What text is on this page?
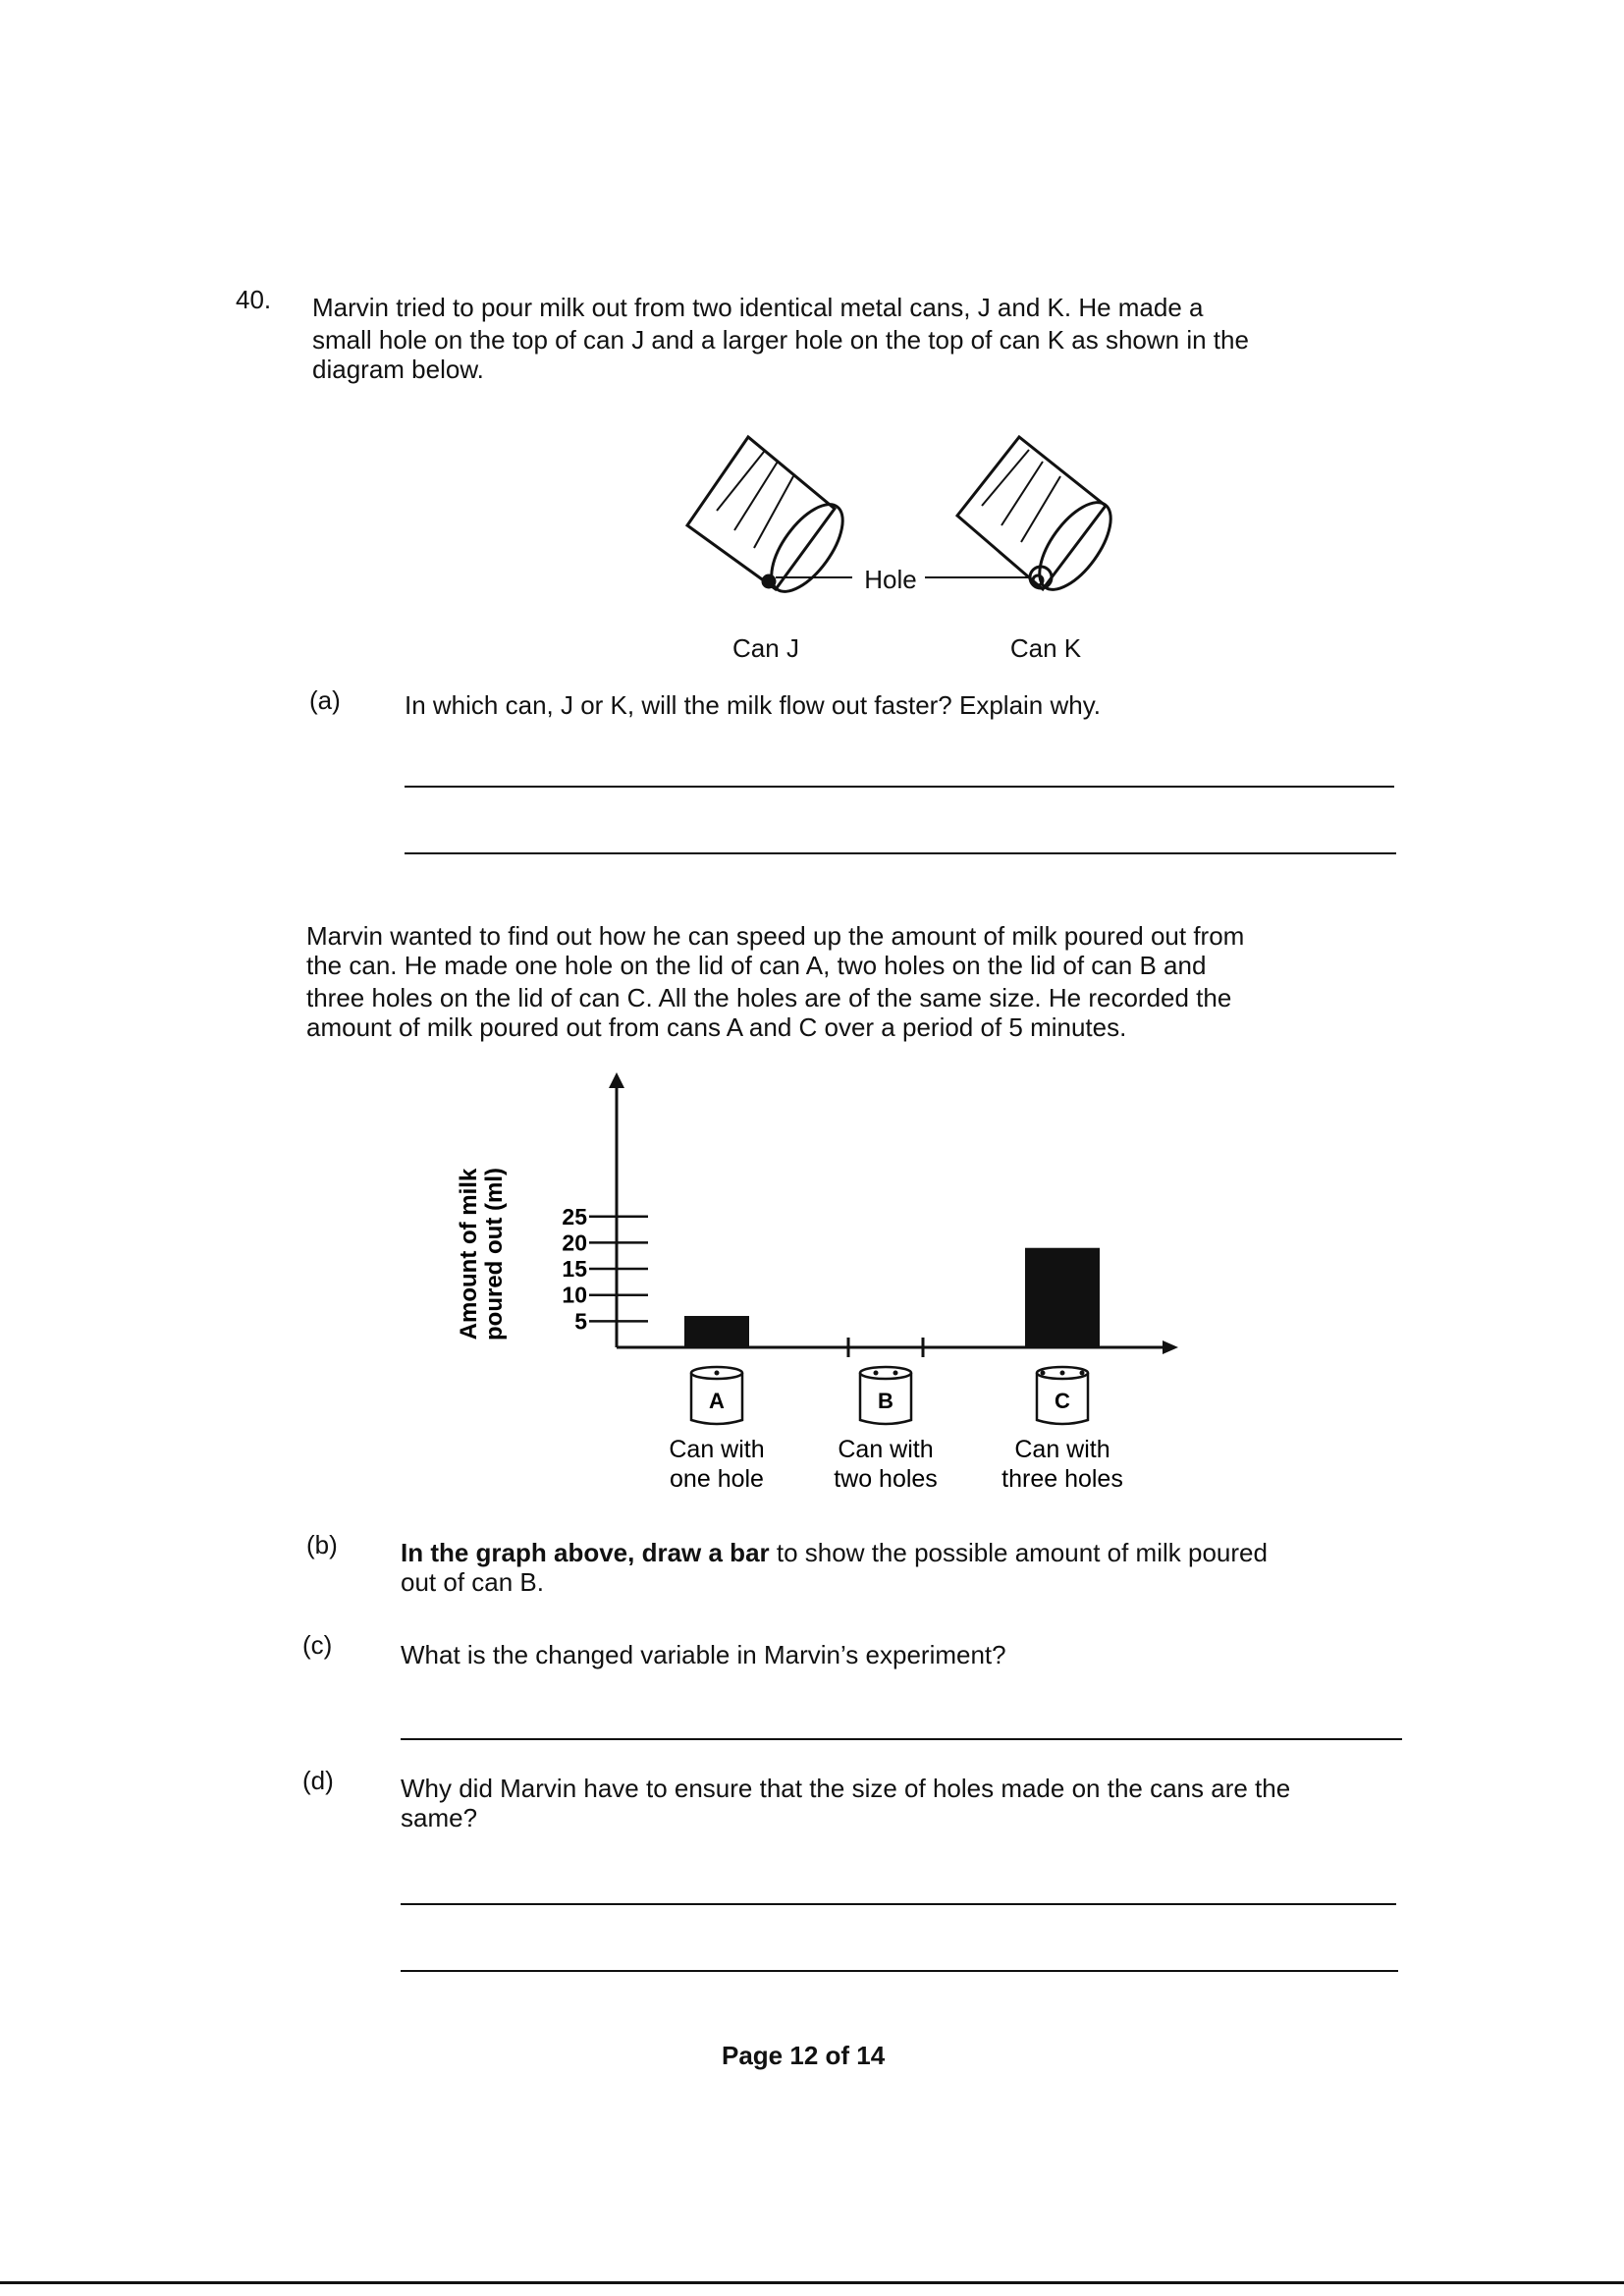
40. Marvin tried to pour milk out from two identical metal cans, J and K. He made a
small hole on the top of can J and a larger hole on the top of can K as shown in the
diagram below.
Hole
Can J	Can K
(a)	In which can, J or K, will the milk flow out faster? Explain why.
Marvin wanted to find out how he can speed up the amount of milk poured out from
the can. He made one hole on the lid of can A, two holes on the lid of can B and
three holes on the lid of can C. All the holes are of the same size. He recorded the
amount of milk poured out from cans A and C over a period of 5 minutes.
Amount of milkpoured out (ml)	5
10
15
20
25
A
Can with
one hole
B
Can with
two holes
C
Can with
three holes
(b) In the graph above, draw a bar to show the possible amount of milk poured
out of can B.
(c)	What is the changed variable in Marvin’s experiment?
(d)	Why did Marvin have to ensure that the size of holes made on the cans are the
same?
Page 12 of 14
